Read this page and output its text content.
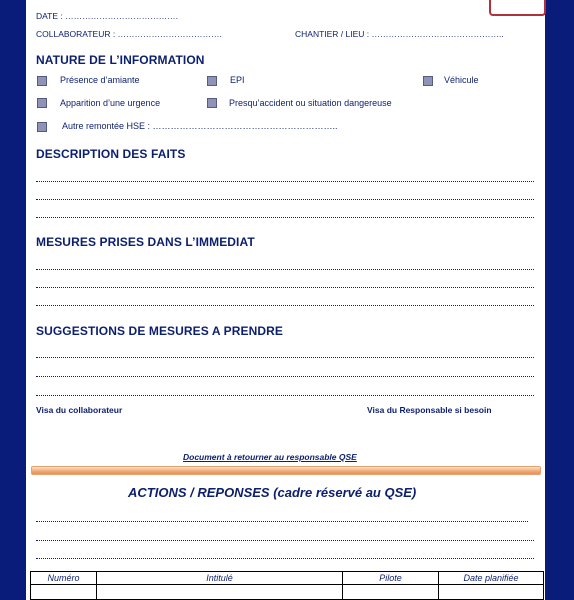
DATE : ………………………………….
COLLABORATEUR : ……………………………….	CHANTIER / LIEU : ………………………………………..
NATURE DE L’INFORMATION
Présence d’amiante	EPI	Véhicule
Apparition d’une urgence	Presqu’accident ou situation dangereuse
Autre remontée HSE : ……………………………………………………..
DESCRIPTION DES FAITS
MESURES PRISES DANS L’IMMEDIAT
SUGGESTIONS DE MESURES A PRENDRE
Visa du collaborateur	Visa du Responsable si besoin
Document à retourner au responsable QSE
ACTIONS / REPONSES (cadre réservé au QSE)
Numéro	Intitulé	Pilote	Date planifiée
